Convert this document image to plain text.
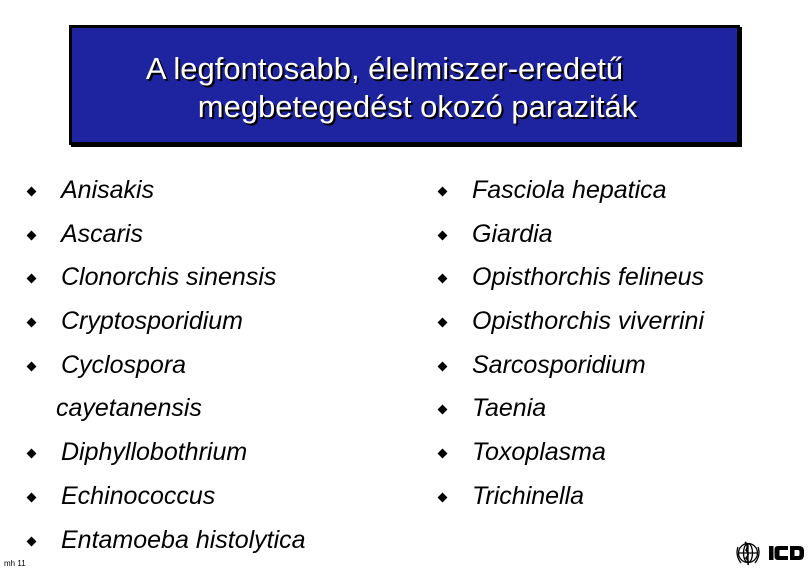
A legfontosabb, élelmiszer-eredetű
megbetegedést okozó paraziták
Anisakis
Ascaris
Clonorchis sinensis
Cryptosporidium
Cyclospora
cayetanensis
Diphyllobothrium
Echinococcus
Entamoeba histolytica
Fasciola hepatica
Giardia
Opisthorchis felineus
Opisthorchis viverrini
Sarcosporidium
Taenia
Toxoplasma
Trichinella
mh 11
